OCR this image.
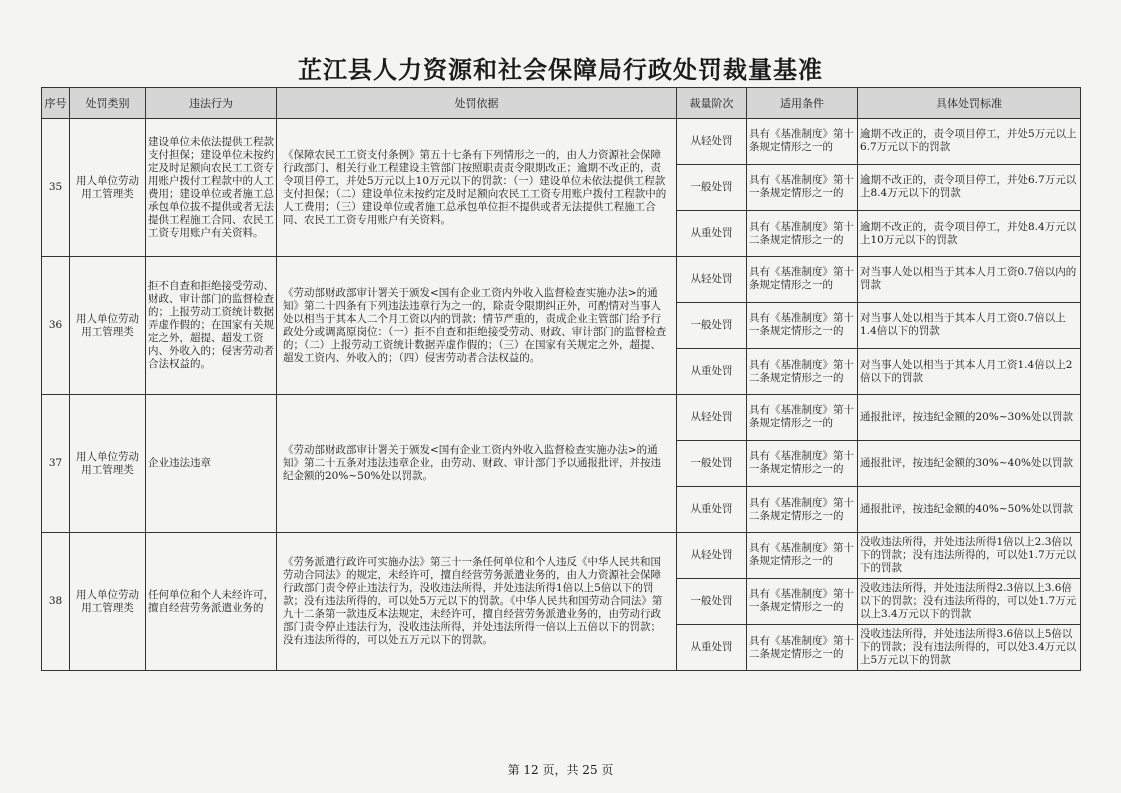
芷江县人力资源和社会保障局行政处罚裁量基准
序号	处罚类别	违法行为	处罚依据	裁量阶次	适用条件	具体处罚标准
35	用人单位劳动用工管理类	建设单位未依法提供工程款支付担保；建设单位未按约定及时足额向农民工工资专用账户拨付工程款中的人工费用；建设单位或者施工总承包单位拔不提供或者无法提供工程施工合同、农民工工资专用账户有关资料。	《保障农民工工资支付条例》第五十七条有下列情形之一的，由人力资源社会保障行政部门、相关行业工程建设主管部门按照职责责令限期改正；逾期不改正的，责令项目停工，并处5万元以上10万元以下的罚款：（一）建设单位未依法提供工程款支付担保；（二）建设单位未按约定及时足额向农民工工资专用账户拨付工程款中的人工费用；（三）建设单位或者施工总承包单位拒不提供或者无法提供工程施工合同、农民工工资专用账户有关资料。	从轻处罚	具有《基准制度》第十条规定情形之一的	逾期不改正的，责令项目停工，并处5万元以上6.7万元以下的罚款
				一般处罚	具有《基准制度》第十一条规定情形之一的	逾期不改正的，责令项目停工，并处6.7万元以上8.4万元以下的罚款
				从重处罚	具有《基准制度》第十二条规定情形之一的	逾期不改正的，责令项目停工，并处8.4万元以上10万元以下的罚款
36	用人单位劳动用工管理类	拒不自查和拒绝接受劳动、财政、审计部门的监督检查的；上报劳动工资统计数据弄虚作假的；在国家有关规定之外，超提、超发工资内、外收入的；侵害劳动者合法权益的。	《劳动部财政部审计署关于颁发<国有企业工资内外收入监督检查实施办法>的通知》第二十四条有下列违法违章行为之一的，除责令限期纠正外，可酌情对当事人处以相当于其本人二个月工资以内的罚款；情节严重的，责成企业主管部门给予行政处分或调离原岗位：（一）拒不自查和拒绝接受劳动、财政、审计部门的监督检查的；（二）上报劳动工资统计数据弄虚作假的；（三）在国家有关规定之外，超提、超发工资内、外收入的；（四）侵害劳动者合法权益的。	从轻处罚	具有《基准制度》第十条规定情形之一的	对当事人处以相当于其本人月工资0.7倍以内的罚款
				一般处罚	具有《基准制度》第十一条规定情形之一的	对当事人处以相当于其本人月工资0.7倍以上1.4倍以下的罚款
				从重处罚	具有《基准制度》第十二条规定情形之一的	对当事人处以相当于其本人月工资1.4倍以上2倍以下的罚款
37	用人单位劳动用工管理类	企业违法违章	《劳动部财政部审计署关于颁发<国有企业工资内外收入监督检查实施办法>的通知》第二十五条对违法违章企业，由劳动、财政、审计部门予以通报批评，并按违纪金额的20%~50%处以罚款。	从轻处罚	具有《基准制度》第十条规定情形之一的	通报批评，按违纪金额的20%~30%处以罚款
				一般处罚	具有《基准制度》第十一条规定情形之一的	通报批评，按违纪金额的30%~40%处以罚款
				从重处罚	具有《基准制度》第十二条规定情形之一的	通报批评，按违纪金额的40%~50%处以罚款
38	用人单位劳动用工管理类	任何单位和个人未经许可，擅自经营劳务派遣业务的	《劳务派遣行政许可实施办法》第三十一条任何单位和个人违反《中华人民共和国劳动合同法》的规定，未经许可，擅自经营劳务派遣业务的，由人力资源社会保障行政部门责令停止违法行为，没收违法所得，并处违法所得1倍以上5倍以下的罚款；没有违法所得的，可以处5万元以下的罚款。《中华人民共和国劳动合同法》第九十二条第一款违反本法规定，未经许可，擅自经营劳务派遣业务的，由劳动行政部门责令停止违法行为，没收违法所得，并处违法所得一倍以上五倍以下的罚款；没有违法所得的，可以处五万元以下的罚款。	从轻处罚	具有《基准制度》第十条规定情形之一的	没收违法所得，并处违法所得1倍以上2.3倍以下的罚款；没有违法所得的，可以处1.7万元以下的罚款
				一般处罚	具有《基准制度》第十一条规定情形之一的	没收违法所得，并处违法所得2.3倍以上3.6倍以下的罚款；没有违法所得的，可以处1.7万元以上3.4万元以下的罚款
				从重处罚	具有《基准制度》第十二条规定情形之一的	没收违法所得，并处违法所得3.6倍以上5倍以下的罚款；没有违法所得的，可以处3.4万元以上5万元以下的罚款
第 12 页，共 25 页
